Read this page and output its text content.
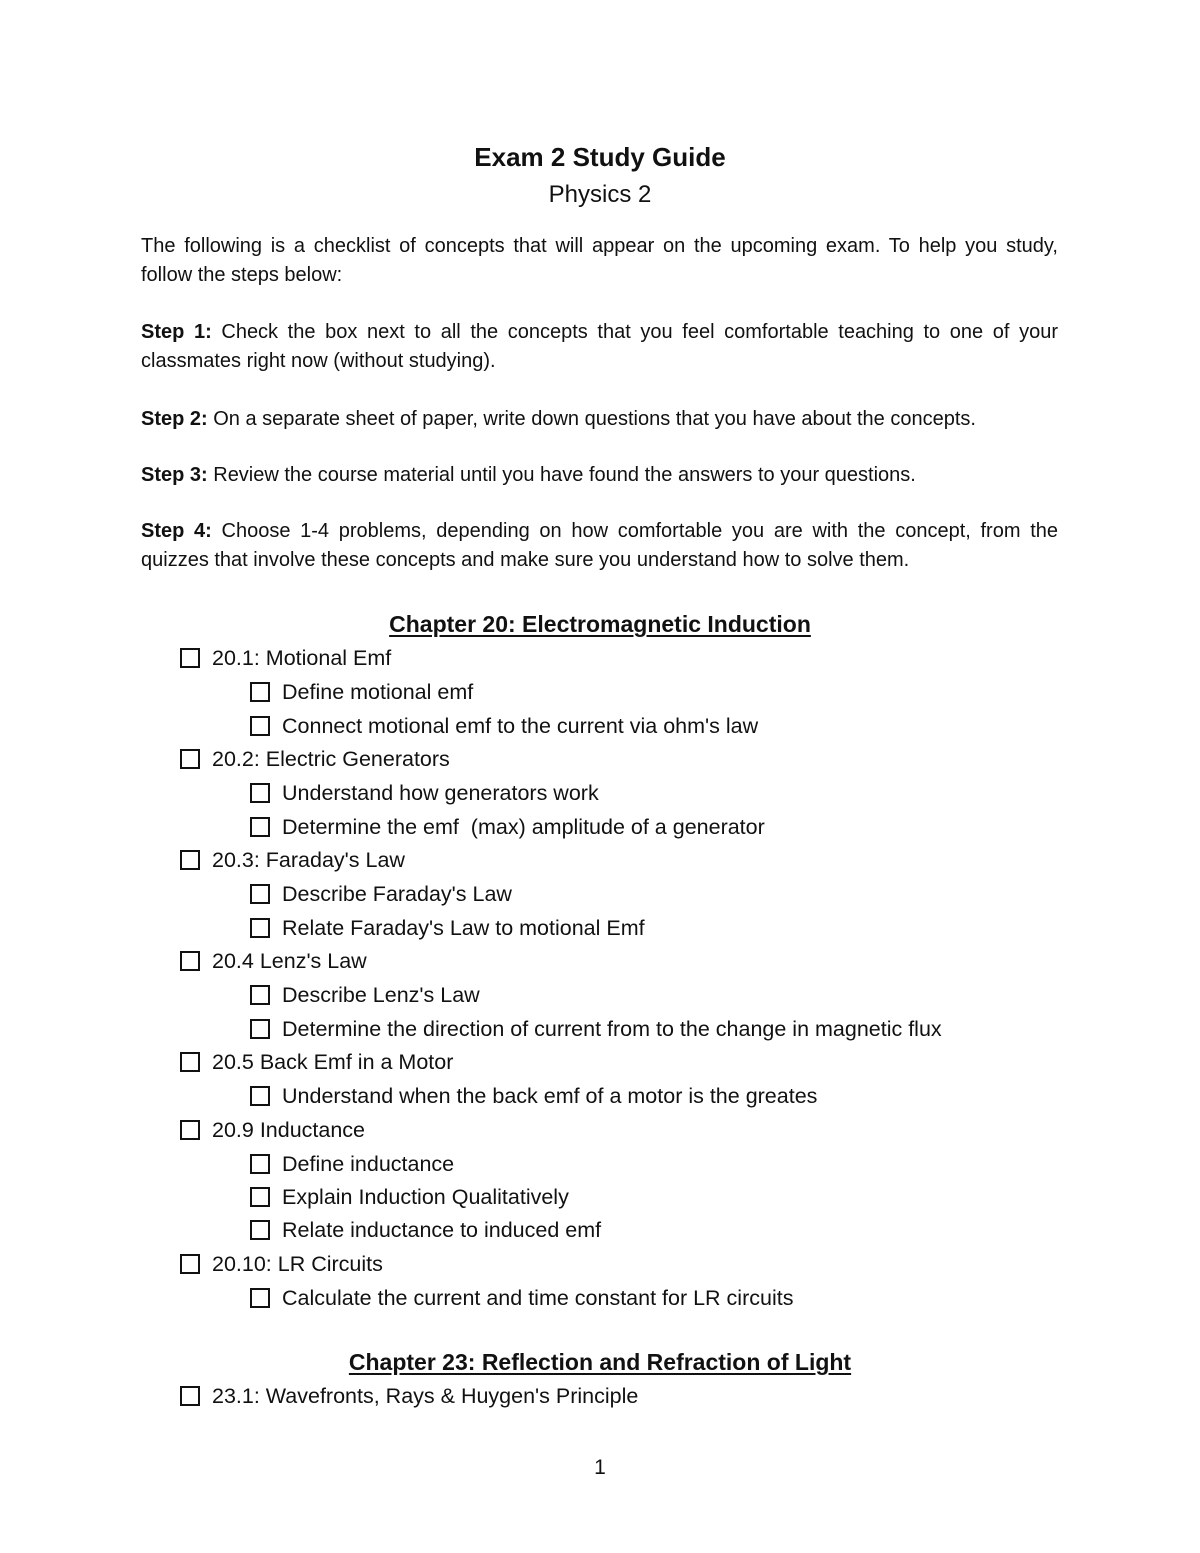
Exam 2 Study Guide
Physics 2

The following is a checklist of concepts that will appear on the upcoming exam. To help you study, follow the steps below:

Step 1: Check the box next to all the concepts that you feel comfortable teaching to one of your classmates right now (without studying).

Step 2: On a separate sheet of paper, write down questions that you have about the concepts.

Step 3: Review the course material until you have found the answers to your questions.

Step 4: Choose 1-4 problems, depending on how comfortable you are with the concept, from the quizzes that involve these concepts and make sure you understand how to solve them.

Chapter 20: Electromagnetic Induction
20.1: Motional Emf
Define motional emf
Connect motional emf to the current via ohm's law
20.2: Electric Generators
Understand how generators work
Determine the emf  (max) amplitude of a generator
20.3: Faraday's Law
Describe Faraday's Law
Relate Faraday's Law to motional Emf
20.4 Lenz's Law
Describe Lenz's Law
Determine the direction of current from to the change in magnetic flux
20.5 Back Emf in a Motor
Understand when the back emf of a motor is the greates
20.9 Inductance
Define inductance
Explain Induction Qualitatively
Relate inductance to induced emf
20.10: LR Circuits
Calculate the current and time constant for LR circuits
Chapter 23: Reflection and Refraction of Light
23.1: Wavefronts, Rays & Huygen's Principle
1
